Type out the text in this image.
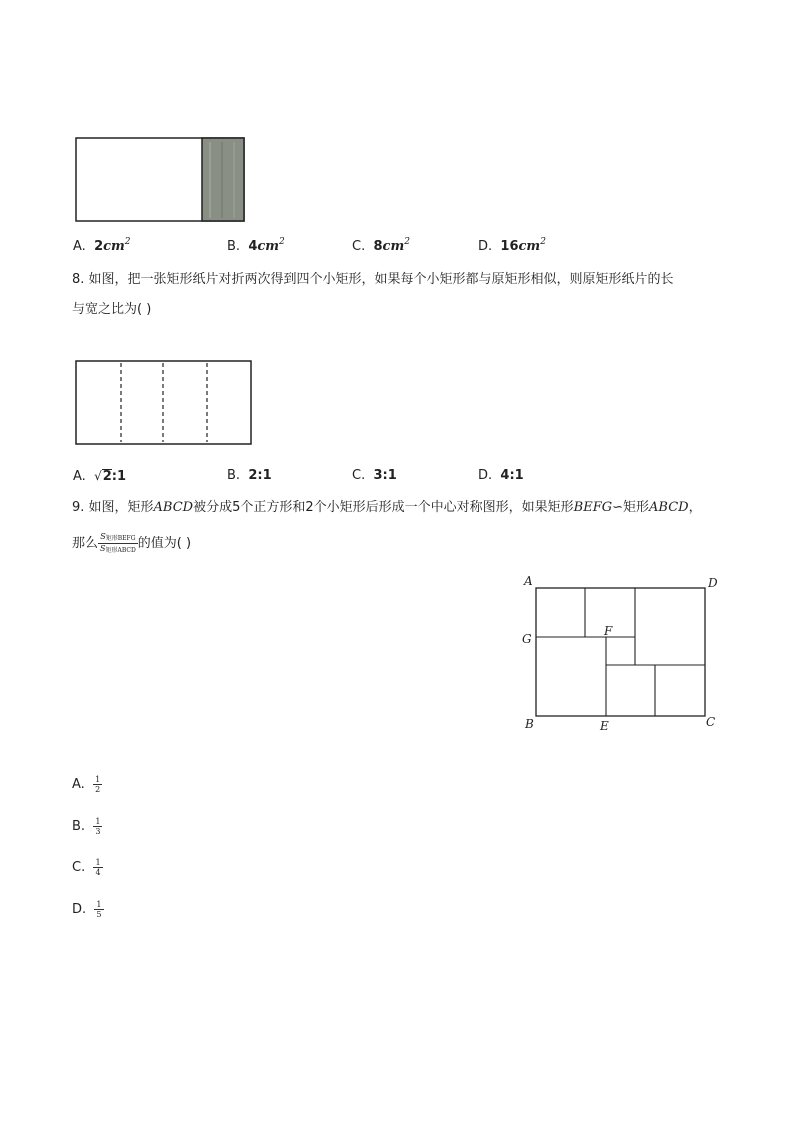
A. $2cm^2$	B. $4cm^2$	C. $8cm^2$	D. $16cm^2$
8. 如图，把一张矩形纸片对折两次得到四个小矩形，如果每个小矩形都与原矩形相似，则原矩形纸片的长
与宽之比为( )
A. √2:1	B. 2:1	C. 3:1	D. 4:1
9. 如图，矩形ABCD被分成5个正方形和2个小矩形后形成一个中心对称图形，如果矩形BEFG∽矩形ABCD，
那么 $\frac{S_{矩形BEFG}}{S_{矩形ABCD}}$ 的值为( )
A	D
G
F
B	E	C
A. $\frac{1}{2}$
B. $\frac{1}{3}$
C. $\frac{1}{4}$
D. $\frac{1}{5}$
